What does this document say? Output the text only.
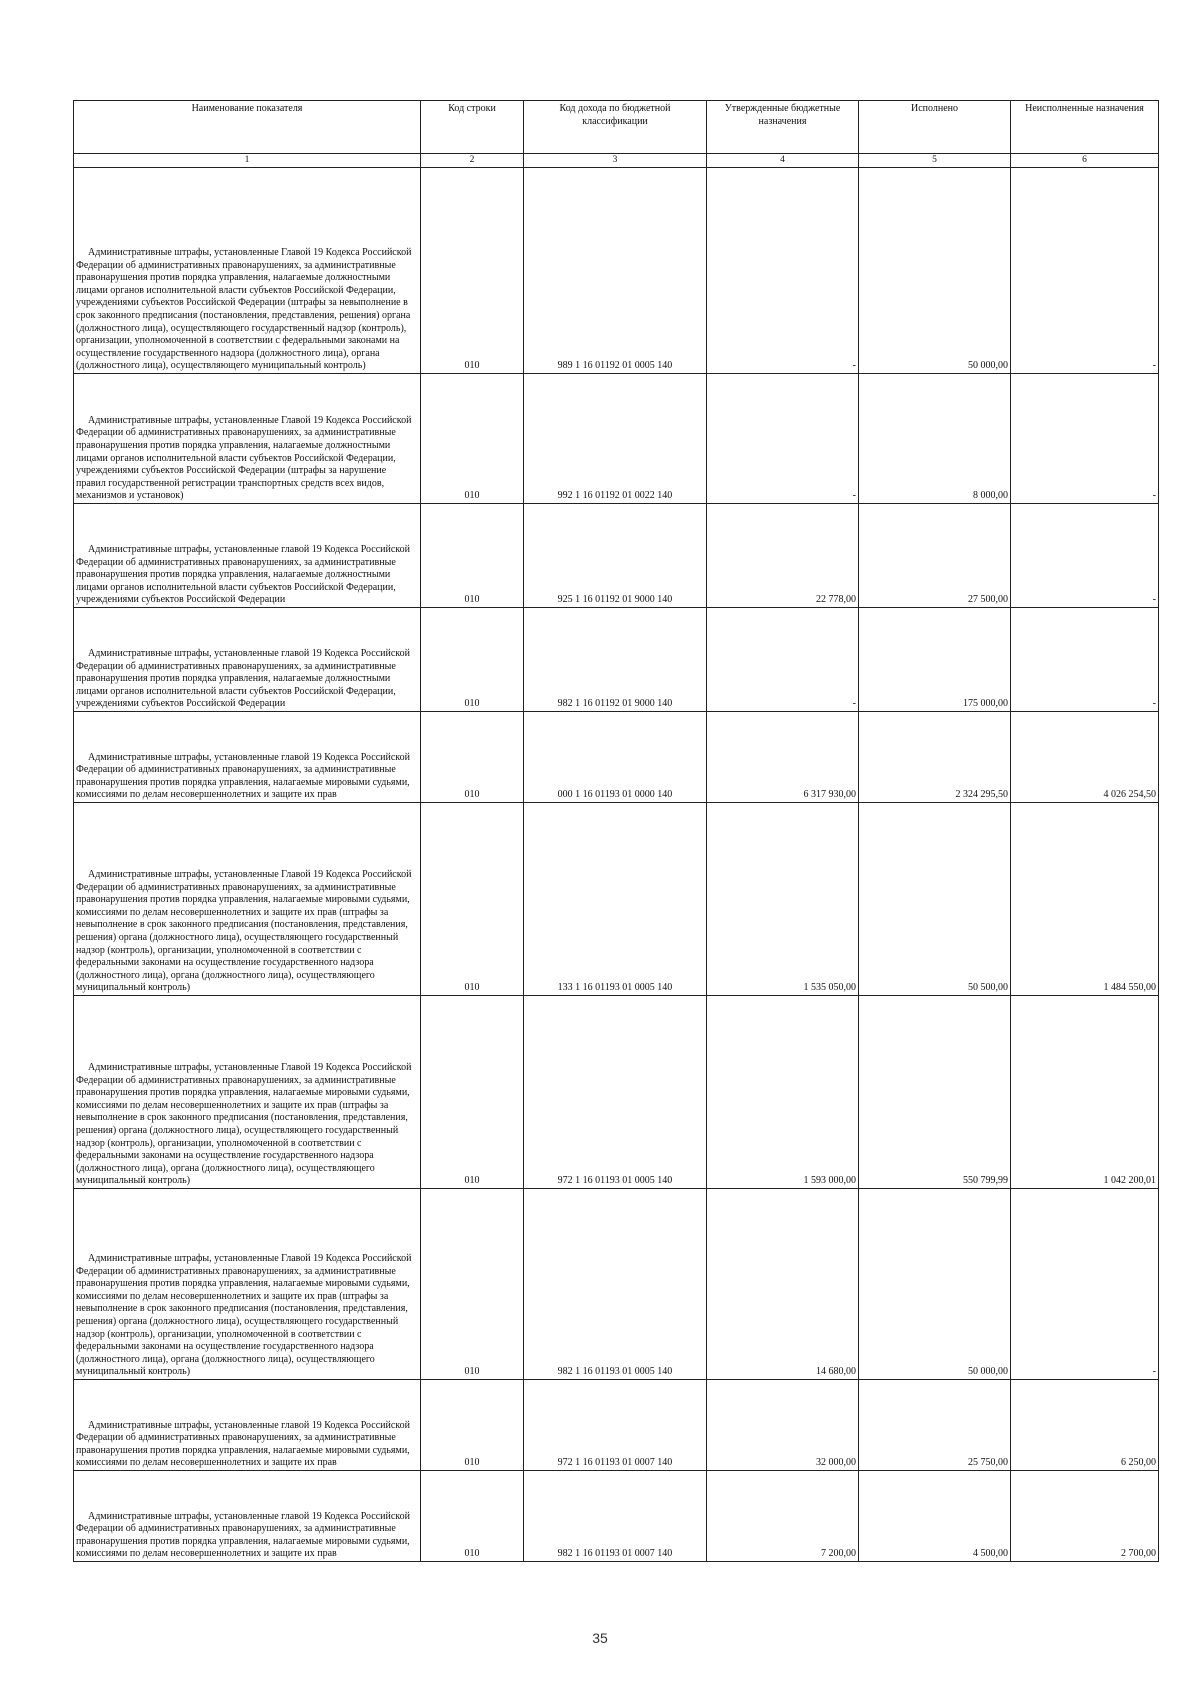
Наименование показателя	Код строки	Код дохода по бюджетной классификации	Утвержденные бюджетные назначения	Исполнено	Неисполненные назначения
1	2	3	4	5	6

Административные штрафы, установленные Главой 19 Кодекса Российской Федерации об административных правонарушениях, за административные правонарушения против порядка управления, налагаемые должностными лицами органов исполнительной власти субъектов Российской Федерации, учреждениями субъектов Российской Федерации (штрафы за невыполнение в срок законного предписания (постановления, представления, решения) органа (должностного лица), осуществляющего государственный надзор (контроль), организации, уполномоченной в соответствии с федеральными законами на осуществление государственного надзора (должностного лица), органа (должностного лица), осуществляющего муниципальный контроль)	010	989 1 16 01192 01 0005 140	-	50 000,00	-

Административные штрафы, установленные Главой 19 Кодекса Российской Федерации об административных правонарушениях, за административные правонарушения против порядка управления, налагаемые должностными лицами органов исполнительной власти субъектов Российской Федерации, учреждениями субъектов Российской Федерации (штрафы за нарушение правил государственной регистрации транспортных средств всех видов, механизмов и установок)	010	992 1 16 01192 01 0022 140	-	8 000,00	-

Административные штрафы, установленные главой 19 Кодекса Российской Федерации об административных правонарушениях, за административные правонарушения против порядка управления, налагаемые должностными лицами органов исполнительной власти субъектов Российской Федерации, учреждениями субъектов Российской Федерации	010	925 1 16 01192 01 9000 140	22 778,00	27 500,00	-

Административные штрафы, установленные главой 19 Кодекса Российской Федерации об административных правонарушениях, за административные правонарушения против порядка управления, налагаемые должностными лицами органов исполнительной власти субъектов Российской Федерации, учреждениями субъектов Российской Федерации	010	982 1 16 01192 01 9000 140	-	175 000,00	-

Административные штрафы, установленные главой 19 Кодекса Российской Федерации об административных правонарушениях, за административные правонарушения против порядка управления, налагаемые мировыми судьями, комиссиями по делам несовершеннолетних и защите их прав	010	000 1 16 01193 01 0000 140	6 317 930,00	2 324 295,50	4 026 254,50

Административные штрафы, установленные Главой 19 Кодекса Российской Федерации об административных правонарушениях, за административные правонарушения против порядка управления, налагаемые мировыми судьями, комиссиями по делам несовершеннолетних и защите их прав (штрафы за невыполнение в срок законного предписания (постановления, представления, решения) органа (должностного лица), осуществляющего государственный надзор (контроль), организации, уполномоченной в соответствии с федеральными законами на осуществление государственного надзора (должностного лица), органа (должностного лица), осуществляющего муниципальный контроль)	010	133 1 16 01193 01 0005 140	1 535 050,00	50 500,00	1 484 550,00

Административные штрафы, установленные Главой 19 Кодекса Российской Федерации об административных правонарушениях, за административные правонарушения против порядка управления, налагаемые мировыми судьями, комиссиями по делам несовершеннолетних и защите их прав (штрафы за невыполнение в срок законного предписания (постановления, представления, решения) органа (должностного лица), осуществляющего государственный надзор (контроль), организации, уполномоченной в соответствии с федеральными законами на осуществление государственного надзора (должностного лица), органа (должностного лица), осуществляющего муниципальный контроль)	010	972 1 16 01193 01 0005 140	1 593 000,00	550 799,99	1 042 200,01

Административные штрафы, установленные Главой 19 Кодекса Российской Федерации об административных правонарушениях, за административные правонарушения против порядка управления, налагаемые мировыми судьями, комиссиями по делам несовершеннолетних и защите их прав (штрафы за невыполнение в срок законного предписания (постановления, представления, решения) органа (должностного лица), осуществляющего государственный надзор (контроль), организации, уполномоченной в соответствии с федеральными законами на осуществление государственного надзора (должностного лица), органа (должностного лица), осуществляющего муниципальный контроль)	010	982 1 16 01193 01 0005 140	14 680,00	50 000,00	-

Административные штрафы, установленные главой 19 Кодекса Российской Федерации об административных правонарушениях, за административные правонарушения против порядка управления, налагаемые мировыми судьями, комиссиями по делам несовершеннолетних и защите их прав	010	972 1 16 01193 01 0007 140	32 000,00	25 750,00	6 250,00

Административные штрафы, установленные главой 19 Кодекса Российской Федерации об административных правонарушениях, за административные правонарушения против порядка управления, налагаемые мировыми судьями, комиссиями по делам несовершеннолетних и защите их прав	010	982 1 16 01193 01 0007 140	7 200,00	4 500,00	2 700,00
35
